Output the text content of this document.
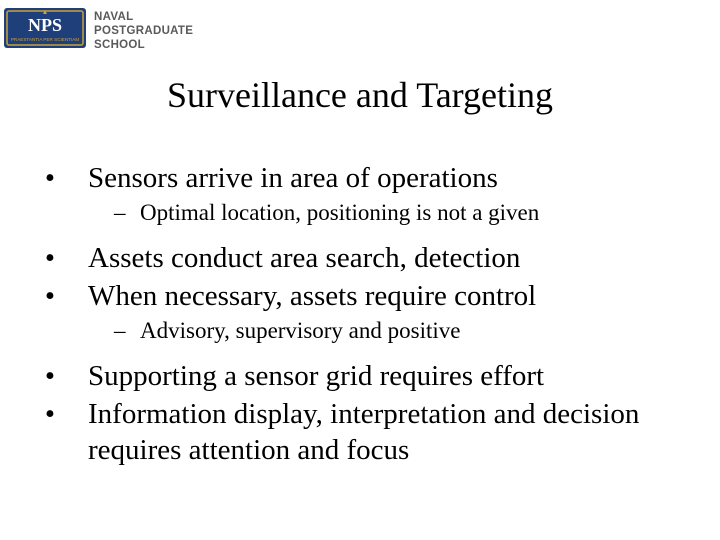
NPS
PRAESTANTIA PER SCIENTIAM
NAVAL
POSTGRADUATE
SCHOOL
Surveillance and Targeting
•	Sensors arrive in area of operations
– Optimal location, positioning is not a given
•	Assets conduct area search, detection
•	When necessary, assets require control
– Advisory, supervisory and positive
•	Supporting a sensor grid requires effort
•	Information display, interpretation and decision requires attention and focus
